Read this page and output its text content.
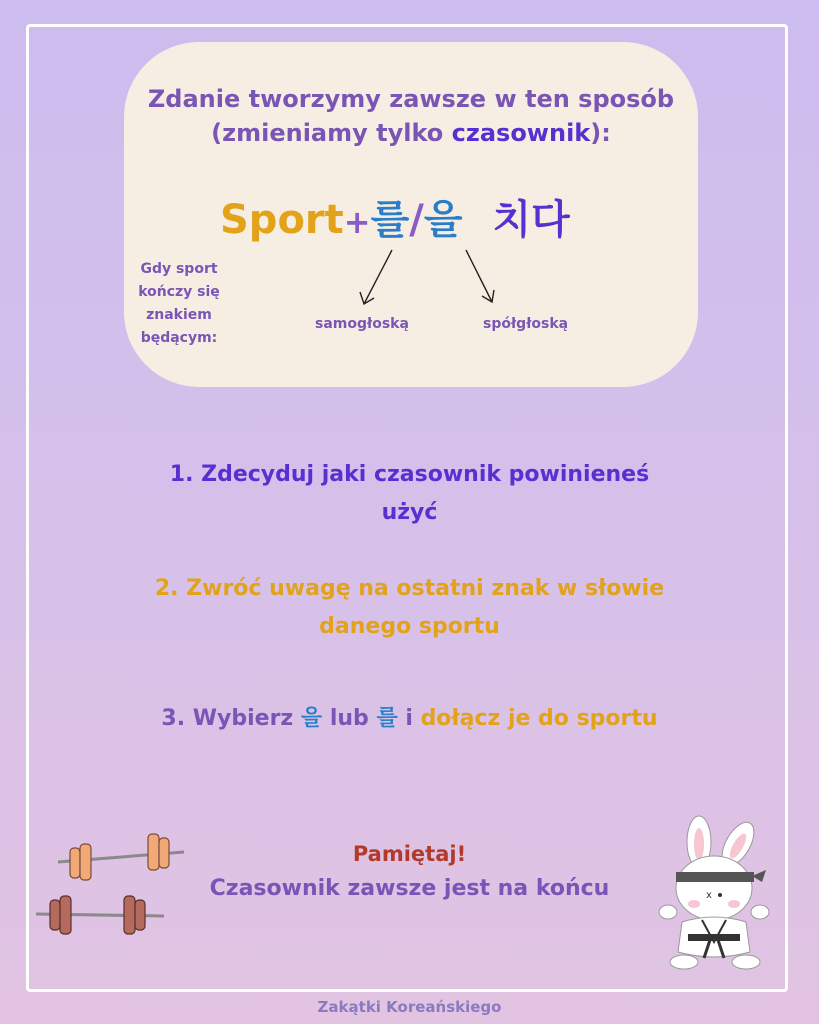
Zdanie tworzymy zawsze w ten sposób (zmieniamy tylko czasownik):
Sport+를/을 치다
Gdy sport kończy się znakiem będącym:
samogłoską	spółgłoską
1. Zdecyduj jaki czasownik powinieneś użyć
2. Zwróć uwagę na ostatni znak w słowie danego sportu
3. Wybierz 을 lub 를 i dołącz je do sportu
Pamiętaj!
Czasownik zawsze jest na końcu	x
Zakątki Koreańskiego
